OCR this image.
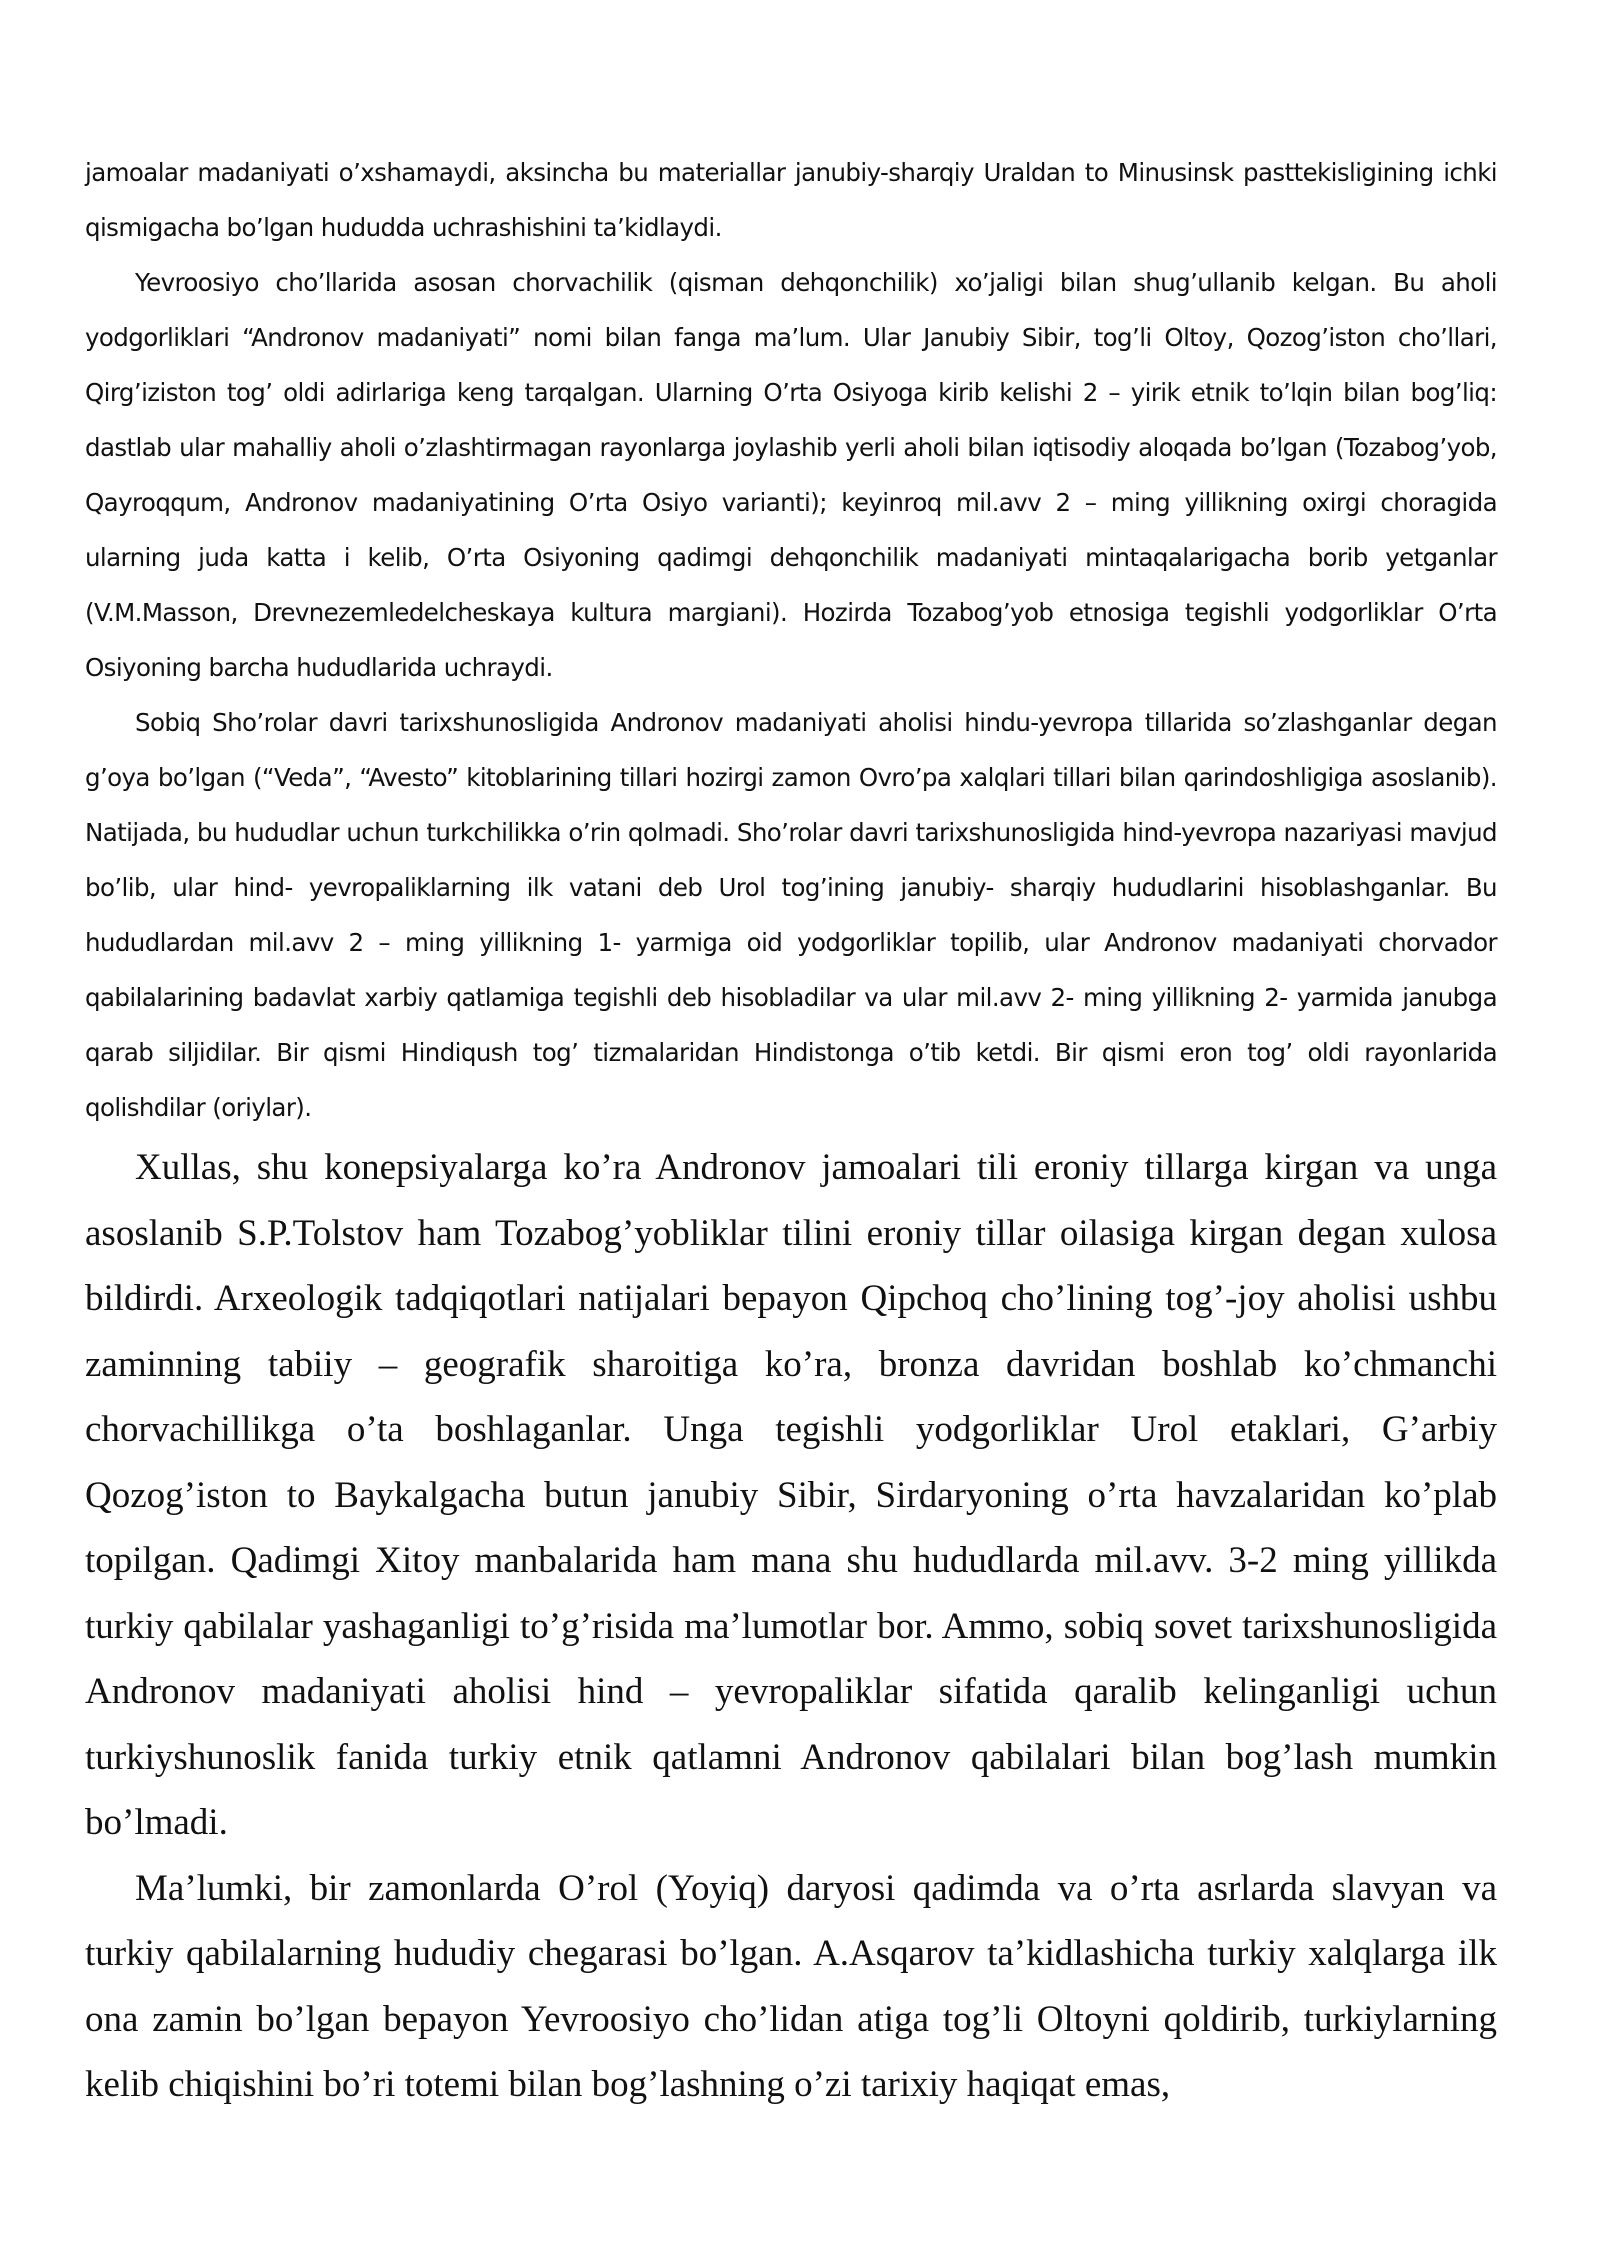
jamoalar madaniyati o’xshamaydi, aksincha bu materiallar janubiy-sharqiy Uraldan to Minusinsk pasttekisligining ichki qismigacha bo’lgan hududda uchrashishini ta’kidlaydi.

Yevroosiyo cho’llarida asosan chorvachilik (qisman dehqonchilik) xo’jaligi bilan shug’ullanib kelgan. Bu aholi yodgorliklari “Andronov madaniyati” nomi bilan fanga ma’lum. Ular Janubiy Sibir, tog’li Oltoy, Qozog’iston cho’llari, Qirg’iziston tog’ oldi adirlariga keng tarqalgan. Ularning O’rta Osiyoga kirib kelishi 2 – yirik etnik to’lqin bilan bog’liq: dastlab ular mahalliy aholi o’zlashtirmagan rayonlarga joylashib yerli aholi bilan iqtisodiy aloqada bo’lgan (Tozabog’yob, Qayroqqum, Andronov madaniyatining O’rta Osiyo varianti); keyinroq mil.avv 2 – ming yillikning oxirgi choragida ularning juda katta i kelib, O’rta Osiyoning qadimgi dehqonchilik madaniyati mintaqalarigacha borib yetganlar (V.M.Masson, Drevnezemledelcheskaya kultura margiani). Hozirda Tozabog’yob etnosiga tegishli yodgorliklar O’rta Osiyoning barcha hududlarida uchraydi.

Sobiq Sho’rolar davri tarixshunosligida Andronov madaniyati aholisi hindu-yevropa tillarida so’zlashganlar degan g’oya bo’lgan (“Veda”, “Avesto” kitoblarining tillari hozirgi zamon Ovro’pa xalqlari tillari bilan qarindoshligiga asoslanib). Natijada, bu hududlar uchun turkchilikka o’rin qolmadi. Sho’rolar davri tarixshunosligida hind-yevropa nazariyasi mavjud bo’lib, ular hind- yevropaliklarning ilk vatani deb Urol tog’ining janubiy- sharqiy hududlarini hisoblashganlar. Bu hududlardan mil.avv 2 – ming yillikning 1- yarmiga oid yodgorliklar topilib, ular Andronov madaniyati chorvador qabilalarining badavlat xarbiy qatlamiga tegishli deb hisobladilar va ular mil.avv 2- ming yillikning 2- yarmida janubga qarab siljidilar. Bir qismi Hindiqush tog’ tizmalaridan Hindistonga o’tib ketdi. Bir qismi eron tog’ oldi rayonlarida qolishdilar (oriylar).

Xullas, shu konepsiyalarga ko’ra Andronov jamoalari tili eroniy tillarga kirgan va unga asoslanib S.P.Tolstov ham Tozabog’yobliklar tilini eroniy tillar oilasiga kirgan degan xulosa bildirdi. Arxeologik tadqiqotlari natijalari bepayon Qipchoq cho’lining tog’-joy aholisi ushbu zaminning tabiiy – geografik sharoitiga ko’ra, bronza davridan boshlab ko’chmanchi chorvachillikga o’ta boshlaganlar. Unga tegishli yodgorliklar Urol etaklari, G’arbiy Qozog’iston to Baykalgacha butun janubiy Sibir, Sirdaryoning o’rta havzalaridan ko’plab topilgan. Qadimgi Xitoy manbalarida ham mana shu hududlarda mil.avv. 3-2 ming yillikda turkiy qabilalar yashaganligi to’g’risida ma’lumotlar bor. Ammo, sobiq sovet tarixshunosligida Andronov madaniyati aholisi hind – yevropaliklar sifatida qaralib kelinganligi uchun turkiyshunoslik fanida turkiy etnik qatlamni Andronov qabilalari bilan bog’lash mumkin bo’lmadi.

Ma’lumki, bir zamonlarda O’rol (Yoyiq) daryosi qadimda va o’rta asrlarda slavyan va turkiy qabilalarning hududiy chegarasi bo’lgan. A.Asqarov ta’kidlashicha turkiy xalqlarga ilk ona zamin bo’lgan bepayon Yevroosiyo cho’lidan atiga tog’li Oltoyni qoldirib, turkiylarning kelib chiqishini bo’ri totemi bilan bog’lashning o’zi tarixiy haqiqat emas,
